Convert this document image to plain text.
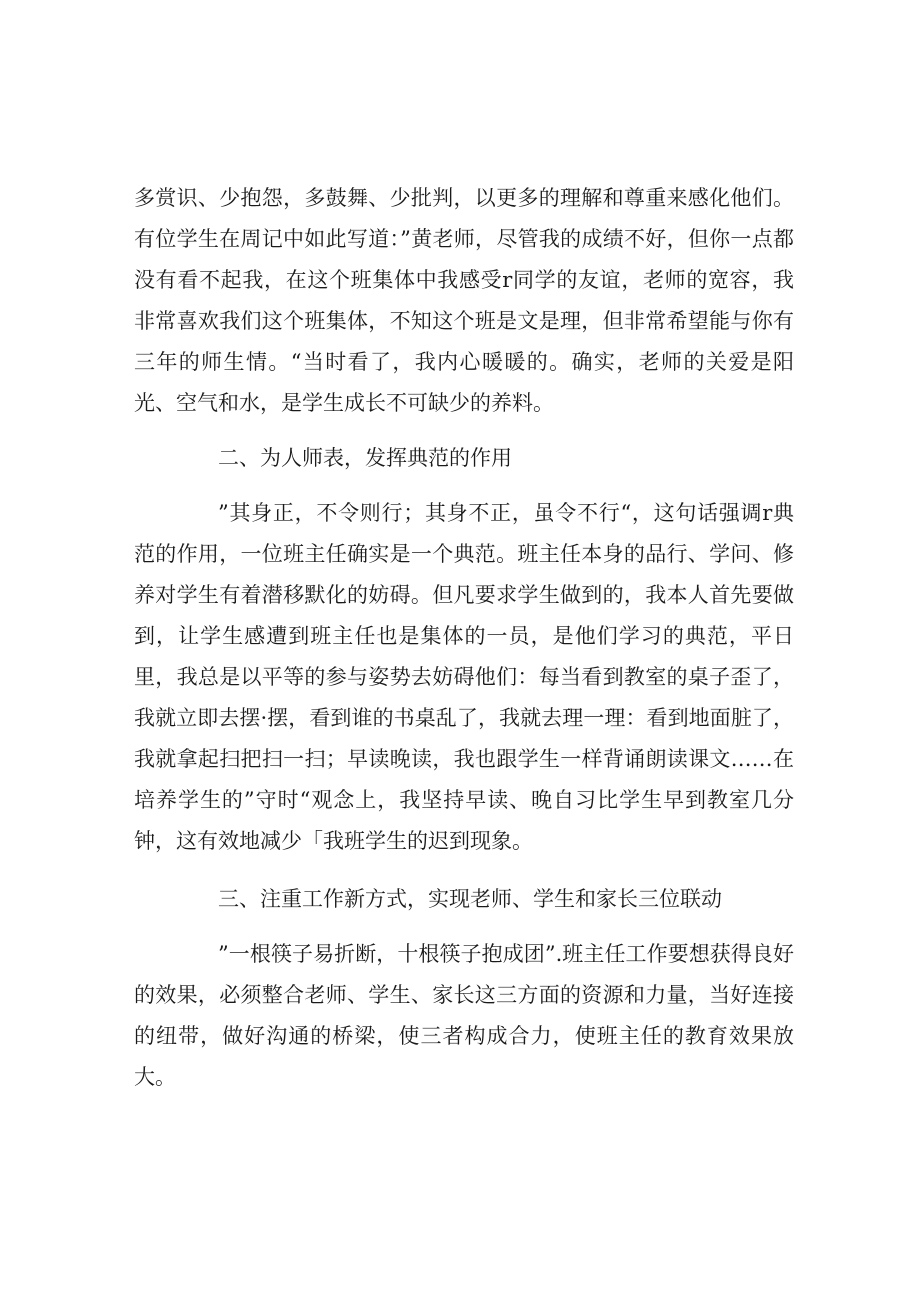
多赏识、少抱怨，多鼓舞、少批判，以更多的理解和尊重来感化他们。有位学生在周记中如此写道：”黄老师，尽管我的成绩不好，但你一点都没有看不起我，在这个班集体中我感受r同学的友谊，老师的宽容，我非常喜欢我们这个班集体，不知这个班是文是理，但非常希望能与你有三年的师生情。“当时看了，我内心暖暖的。确实，老师的关爱是阳光、空气和水，是学生成长不可缺少的养料。

二、为人师表，发挥典范的作用

”其身正，不令则行；其身不正，虽令不行“，这句话强调r典范的作用，一位班主任确实是一个典范。班主任本身的品行、学问、修养对学生有着潜移默化的妨碍。但凡要求学生做到的，我本人首先要做到，让学生感遭到班主任也是集体的一员，是他们学习的典范，平日里，我总是以平等的参与姿势去妨碍他们：每当看到教室的桌子歪了，我就立即去摆·摆，看到谁的书桌乱了，我就去理一理：看到地面脏了，我就拿起扫把扫一扫；早读晚读，我也跟学生一样背诵朗读课文……在培养学生的”守时“观念上，我坚持早读、晚自习比学生早到教室几分钟，这有效地减少「我班学生的迟到现象。

三、注重工作新方式，实现老师、学生和家长三位联动

”一根筷子易折断，十根筷子抱成团”.班主任工作要想获得良好的效果，必须整合老师、学生、家长这三方面的资源和力量，当好连接的纽带，做好沟通的桥梁，使三者构成合力，使班主任的教育效果放大。
